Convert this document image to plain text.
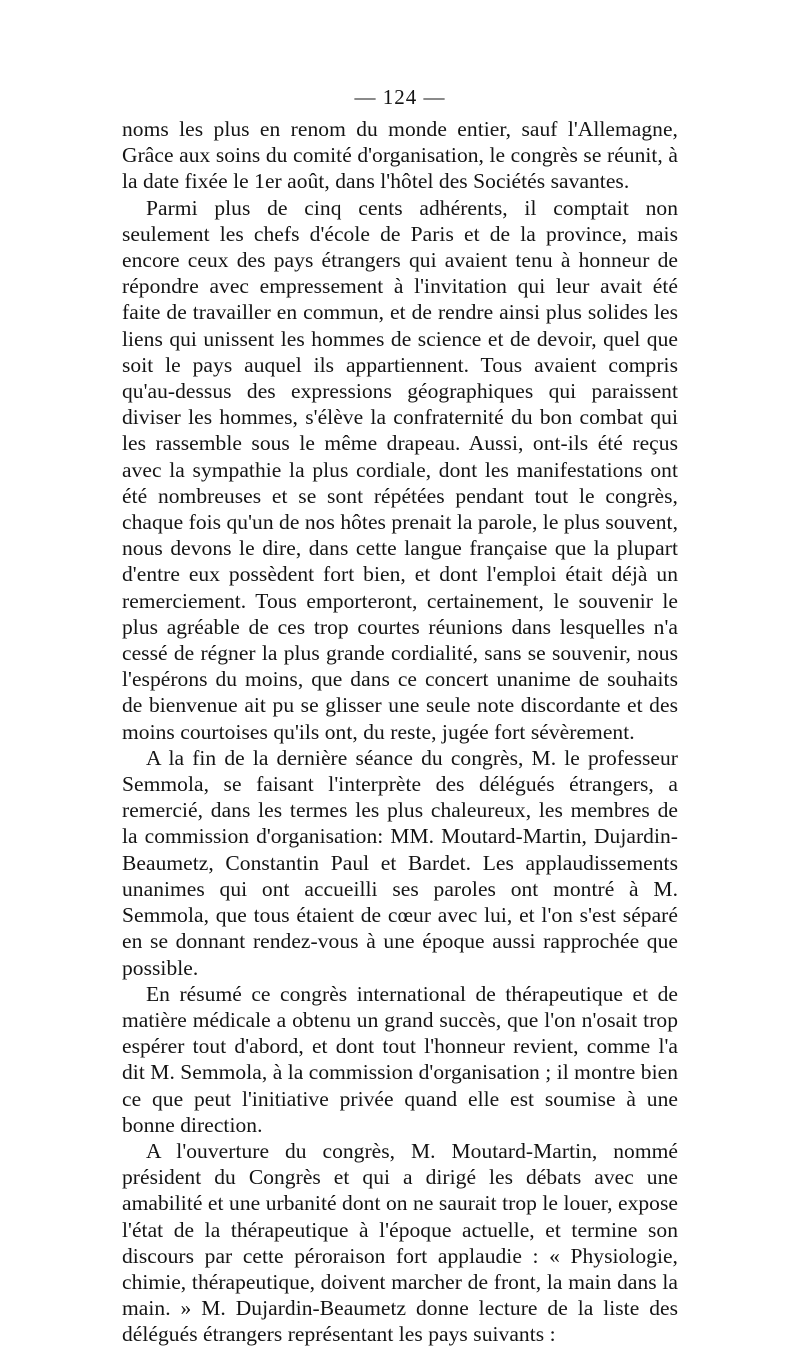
— 124 —

noms les plus en renom du monde entier, sauf l'Allemagne, Grâce aux soins du comité d'organisation, le congrès se réunit, à la date fixée le 1er août, dans l'hôtel des Sociétés savantes.

Parmi plus de cinq cents adhérents, il comptait non seulement les chefs d'école de Paris et de la province, mais encore ceux des pays étrangers qui avaient tenu à honneur de répondre avec empressement à l'invitation qui leur avait été faite de travailler en commun, et de rendre ainsi plus solides les liens qui unissent les hommes de science et de devoir, quel que soit le pays auquel ils appartiennent. Tous avaient compris qu'au-dessus des expressions géographiques qui paraissent diviser les hommes, s'élève la confraternité du bon combat qui les rassemble sous le même drapeau. Aussi, ont-ils été reçus avec la sympathie la plus cordiale, dont les manifestations ont été nombreuses et se sont répétées pendant tout le congrès, chaque fois qu'un de nos hôtes prenait la parole, le plus souvent, nous devons le dire, dans cette langue française que la plupart d'entre eux possèdent fort bien, et dont l'emploi était déjà un remerciement. Tous emporteront, certainement, le souvenir le plus agréable de ces trop courtes réunions dans lesquelles n'a cessé de régner la plus grande cordialité, sans se souvenir, nous l'espérons du moins, que dans ce concert unanime de souhaits de bienvenue ait pu se glisser une seule note discordante et des moins courtoises qu'ils ont, du reste, jugée fort sévèrement.

A la fin de la dernière séance du congrès, M. le professeur Semmola, se faisant l'interprète des délégués étrangers, a remercié, dans les termes les plus chaleureux, les membres de la commission d'organisation: MM. Moutard-Martin, Dujardin-Beaumetz, Constantin Paul et Bardet. Les applaudissements unanimes qui ont accueilli ses paroles ont montré à M. Semmola, que tous étaient de cœur avec lui, et l'on s'est séparé en se donnant rendez-vous à une époque aussi rapprochée que possible.

En résumé ce congrès international de thérapeutique et de matière médicale a obtenu un grand succès, que l'on n'osait trop espérer tout d'abord, et dont tout l'honneur revient, comme l'a dit M. Semmola, à la commission d'organisation ; il montre bien ce que peut l'initiative privée quand elle est soumise à une bonne direction.

A l'ouverture du congrès, M. Moutard-Martin, nommé président du Congrès et qui a dirigé les débats avec une amabilité et une urbanité dont on ne saurait trop le louer, expose l'état de la thérapeutique à l'époque actuelle, et termine son discours par cette péroraison fort applaudie : « Physiologie, chimie, thérapeutique, doivent marcher de front, la main dans la main. » M. Dujardin-Beaumetz donne lecture de la liste des délégués étrangers représentant les pays suivants :
